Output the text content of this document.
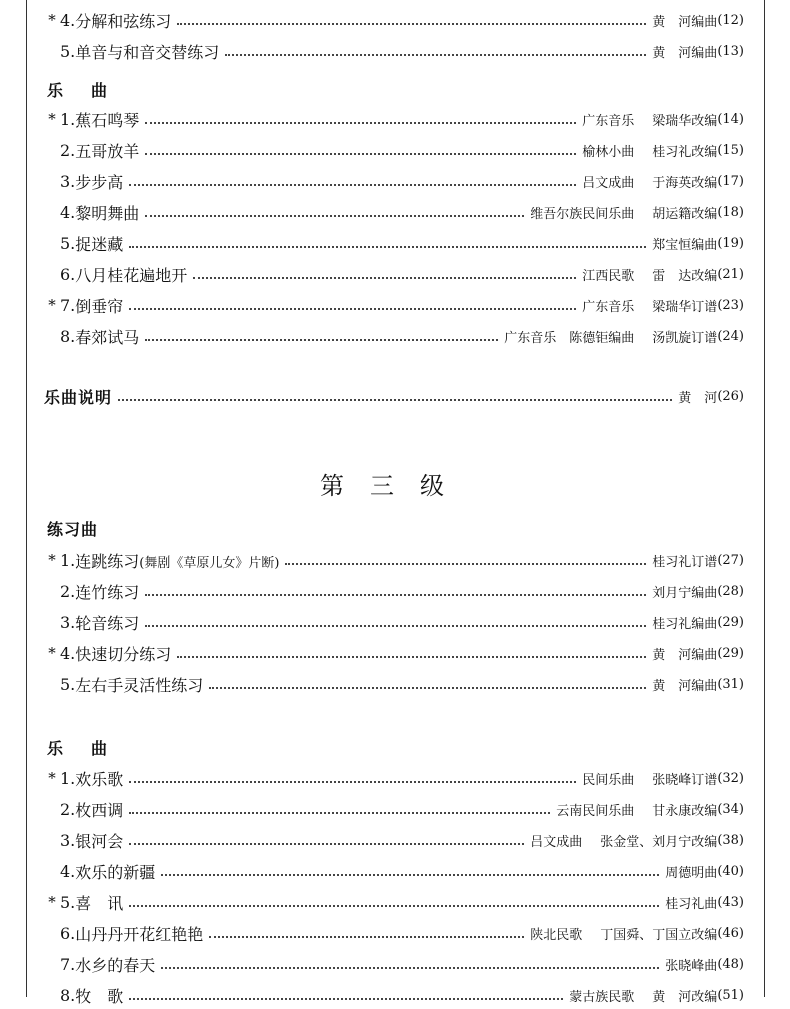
* 4. 分解和弦练习	黄　河编曲 (12)
5. 单音与和音交替练习	黄　河编曲 (13)
乐　曲
* 1. 蕉石鸣琴	广东音乐 梁瑞华改编 (14)
2. 五哥放羊	榆林小曲 桂习礼改编 (15)
3. 步步高	吕文成曲 于海英改编 (17)
4. 黎明舞曲	维吾尔族民间乐曲 胡运籍改编 (18)
5. 捉迷藏	郑宝恒编曲 (19)
6. 八月桂花遍地开	江西民歌 雷　达改编 (21)
* 7. 倒垂帘	广东音乐 梁瑞华订谱 (23)
8. 春郊试马	广东音乐　陈德钜编曲 汤凯旋订谱 (24)
乐曲说明	黄　河 (26)
第三级
练习曲
* 1. 连跳练习(舞剧《草原儿女》片断)	桂习礼订谱 (27)
2. 连竹练习	刘月宁编曲 (28)
3. 轮音练习	桂习礼编曲 (29)
* 4. 快速切分练习	黄　河编曲 (29)
5. 左右手灵活性练习	黄　河编曲 (31)
乐　曲
* 1. 欢乐歌	民间乐曲 张晓峰订谱 (32)
2. 枚西调	云南民间乐曲 甘永康改编 (34)
3. 银河会	吕文成曲 张金堂、刘月宁改编 (38)
4. 欢乐的新疆	周德明曲 (40)
* 5. 喜　讯	桂习礼曲 (43)
6. 山丹丹开花红艳艳	陕北民歌 丁国舜、丁国立改编 (46)
7. 水乡的春天	张晓峰曲 (48)
8. 牧　歌	蒙古族民歌 黄　河改编 (51)
